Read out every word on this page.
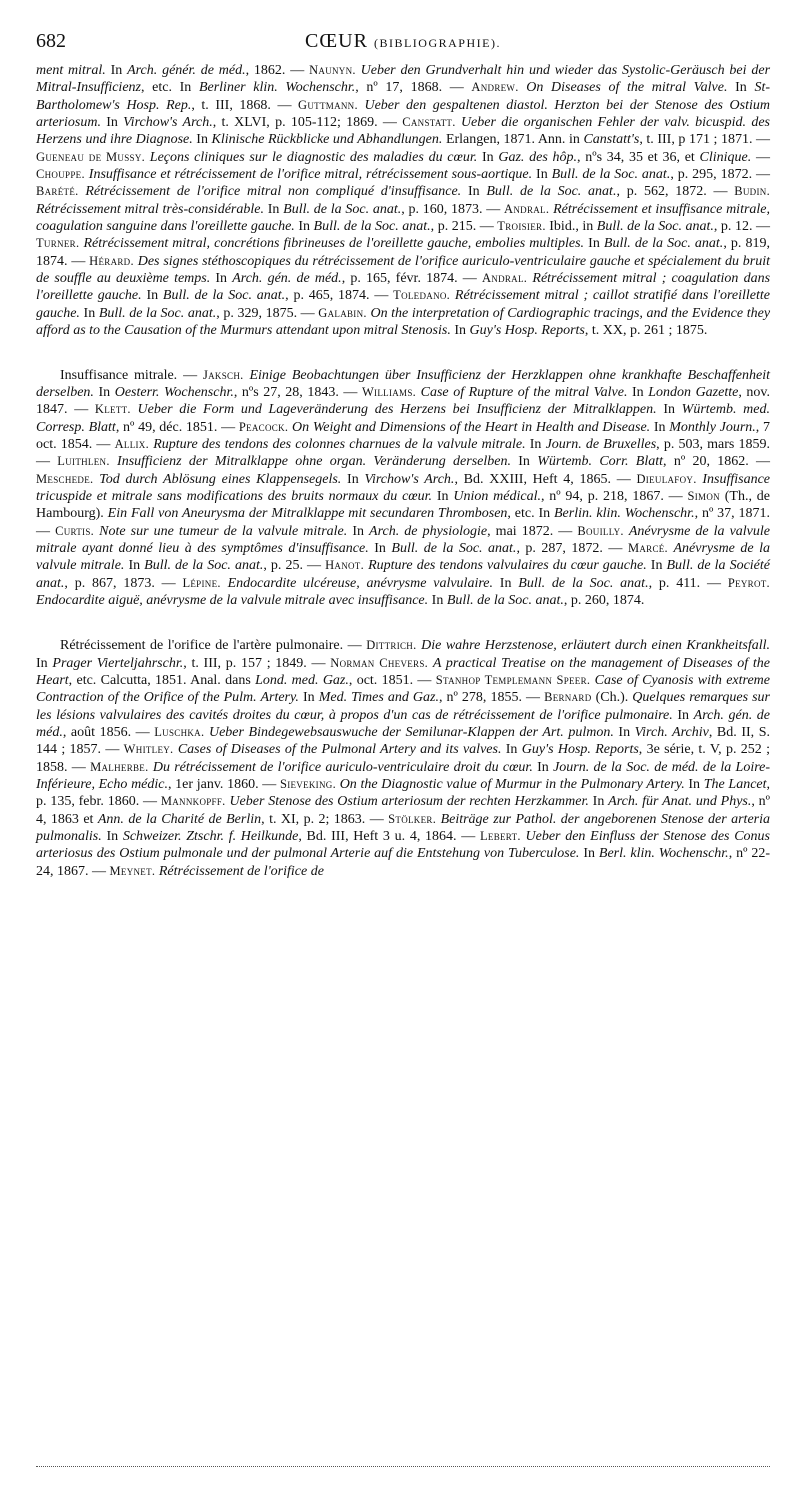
682	CŒUR (BIBLIOGRAPHIE).

ment mitral. In Arch. génér. de méd., 1862. — Naunyn. Ueber den Grundverhalt hin und wieder das Systolic-Geräusch bei der Mitral-Insufficienz, etc. In Berliner klin. Wochenschr., nº 17, 1868. — Andrew. On Diseases of the mitral Valve. In St-Bartholomew's Hosp. Rep., t. III, 1868. — Guttmann. Ueber den gespaltenen diastol. Herzton bei der Stenose des Ostium arteriosum. In Virchow's Arch., t. XLVI, p. 105-112; 1869. — Canstatt. Ueber die organischen Fehler der valv. bicuspid. des Herzens und ihre Diagnose. In Klinische Rückblicke und Abhandlungen. Erlangen, 1871. Ann. in Canstatt's, t. III, p 171 ; 1871. — Gueneau de Mussy. Leçons cliniques sur le diagnostic des maladies du cœur. In Gaz. des hôp., nºs 34, 35 et 36, et Clinique. — Chouppe. Insuffisance et rétrécissement de l'orifice mitral, rétrécissement sous-aortique. In Bull. de la Soc. anat., p. 295, 1872. — Barété. Rétrécissement de l'orifice mitral non compliqué d'insuffisance. In Bull. de la Soc. anat., p. 562, 1872. — Budin. Rétrécissement mitral très-considérable. In Bull. de la Soc. anat., p. 160, 1873. — Andral. Rétrécissement et insuffisance mitrale, coagulation sanguine dans l'oreillette gauche. In Bull. de la Soc. anat., p. 215. — Troisier. Ibid., in Bull. de la Soc. anat., p. 12. — Turner. Rétrécissement mitral, concrétions fibrineuses de l'oreillette gauche, embolies multiples. In Bull. de la Soc. anat., p. 819, 1874. — Hérard. Des signes stéthoscopiques du rétrécissement de l'orifice auriculo-ventriculaire gauche et spécialement du bruit de souffle au deuxième temps. In Arch. gén. de méd., p. 165, févr. 1874. — Andral. Rétrécissement mitral ; coagulation dans l'oreillette gauche. In Bull. de la Soc. anat., p. 465, 1874. — Toledano. Rétrécissement mitral ; caillot stratifié dans l'oreillette gauche. In Bull. de la Soc. anat., p. 329, 1875. — Galabin. On the interpretation of Cardiographic tracings, and the Evidence they afford as to the Causation of the Murmurs attendant upon mitral Stenosis. In Guy's Hosp. Reports, t. XX, p. 261 ; 1875.

Insuffisance mitrale. — Jaksch. Einige Beobachtungen über Insufficienz der Herzklappen ohne krankhafte Beschaffenheit derselben. In Oesterr. Wochenschr., nºs 27, 28, 1843. — Williams. Case of Rupture of the mitral Valve. In London Gazette, nov. 1847. — Klett. Ueber die Form und Lageveränderung des Herzens bei Insufficienz der Mitralklappen. In Würtemb. med. Corresp. Blatt, nº 49, déc. 1851. — Peacock. On Weight and Dimensions of the Heart in Health and Disease. In Monthly Journ., 7 oct. 1854. — Allix. Rupture des tendons des colonnes charnues de la valvule mitrale. In Journ. de Bruxelles, p. 503, mars 1859. — Luithlen. Insufficienz der Mitralklappe ohne organ. Veränderung derselben. In Würtemb. Corr. Blatt, nº 20, 1862. — Meschede. Tod durch Ablösung eines Klappensegels. In Virchow's Arch., Bd. XXIII, Heft 4, 1865. — Dieulafoy. Insuffisance tricuspide et mitrale sans modifications des bruits normaux du cœur. In Union médical., nº 94, p. 218, 1867. — Simon (Th., de Hambourg). Ein Fall von Aneurysma der Mitralklappe mit secundaren Thrombosen, etc. In Berlin. klin. Wochenschr., nº 37, 1871. — Curtis. Note sur une tumeur de la valvule mitrale. In Arch. de physiologie, mai 1872. — Bouilly. Anévrysme de la valvule mitrale ayant donné lieu à des symptômes d'insuffisance. In Bull. de la Soc. anat., p. 287, 1872. — Marcé. Anévrysme de la valvule mitrale. In Bull. de la Soc. anat., p. 25. — Hanot. Rupture des tendons valvulaires du cœur gauche. In Bull. de la Société anat., p. 867, 1873. — Lépine. Endocardite ulcéreuse, anévrysme valvulaire. In Bull. de la Soc. anat., p. 411. — Peyrot. Endocardite aiguë, anévrysme de la valvule mitrale avec insuffisance. In Bull. de la Soc. anat., p. 260, 1874.

Rétrécissement de l'orifice de l'artère pulmonaire. — Dittrich. Die wahre Herzstenose, erläutert durch einen Krankheitsfall. In Prager Vierteljahrschr., t. III, p. 157 ; 1849. — Norman Chevers. A practical Treatise on the management of Diseases of the Heart, etc. Calcutta, 1851. Anal. dans Lond. med. Gaz., oct. 1851. — Stanhop Templemann Speer. Case of Cyanosis with extreme Contraction of the Orifice of the Pulm. Artery. In Med. Times and Gaz., nº 278, 1855. — Bernard (Ch.). Quelques remarques sur les lésions valvulaires des cavités droites du cœur, à propos d'un cas de rétrécissement de l'orifice pulmonaire. In Arch. gén. de méd., août 1856. — Luschka. Ueber Bindegewebsauswuche der Semilunar-Klappen der Art. pulmon. In Virch. Archiv, Bd. II, S. 144 ; 1857. — Whitley. Cases of Diseases of the Pulmonal Artery and its valves. In Guy's Hosp. Reports, 3e série, t. V, p. 252 ; 1858. — Malherbe. Du rétrécissement de l'orifice auriculo-ventriculaire droit du cœur. In Journ. de la Soc. de méd. de la Loire-Inférieure, Echo médic., 1er janv. 1860. — Sieveking. On the Diagnostic value of Murmur in the Pulmonary Artery. In The Lancet, p. 135, febr. 1860. — Mannkopff. Ueber Stenose des Ostium arteriosum der rechten Herzkammer. In Arch. für Anat. und Phys., nº 4, 1863 et Ann. de la Charité de Berlin, t. XI, p. 2; 1863. — Stölker. Beiträge zur Pathol. der angeborenen Stenose der arteria pulmonalis. In Schweizer. Ztschr. f. Heilkunde, Bd. III, Heft 3 u. 4, 1864. — Lebert. Ueber den Einfluss der Stenose des Conus arteriosus des Ostium pulmonale und der pulmonal Arterie auf die Entstehung von Tuberculose. In Berl. klin. Wochenschr., nº 22-24, 1867. — Meynet. Rétrécissement de l'orifice de
